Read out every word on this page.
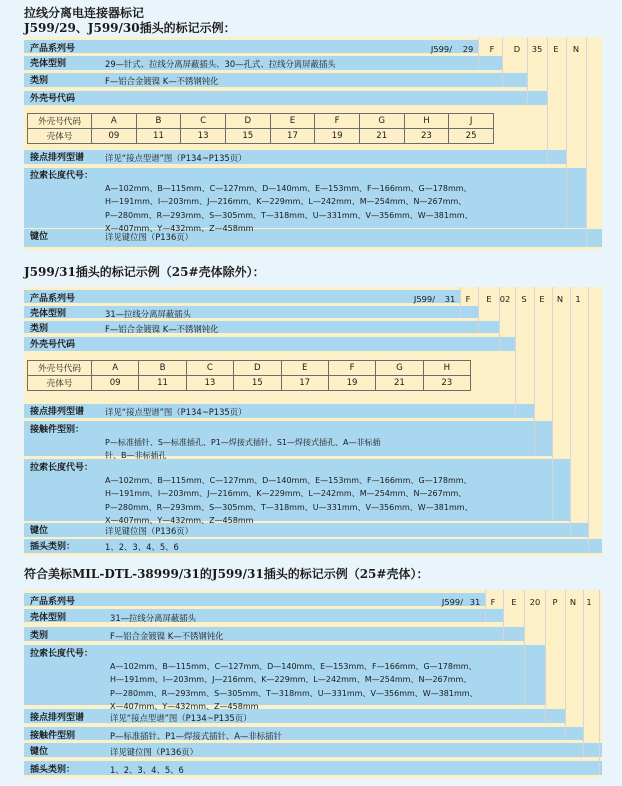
拉线分离电连接器标记
J599/29、J599/30插头的标记示例：
产品系列号
壳体型别	29—针式、拉线分离屏蔽插头、30—孔式、拉线分离屏蔽插头
类别	F—铝合金镀镍 K—不锈钢钝化
外壳号代码
接点排列型谱 详见“接点型谱”图（P134~P135页）
拉索长度代号：
A—102mm、B—115mm、C—127mm、D—140mm、E—153mm、F—166mm、G—178mm、
H—191mm、I—203mm、J—216mm、K—229mm、L—242mm、M—254mm、N—267mm、
P—280mm、R—293mm、S—305mm、T—318mm、U—331mm、V—356mm、W—381mm、
X—407mm、Y—432mm、Z—458mm
键位	详见键位图（P136页）
J599/	29	F	D	35	E	N
外壳号代码	A	B	C	D	E	F	G	H	J
壳体号	09	11	13	15	17	19	21	23	25
J599/31插头的标记示例（25#壳体除外）：
产品系列号
壳体型别	31—拉线分离屏蔽插头
类别	F—铝合金镀镍 K—不锈钢钝化
外壳号代码
接点排列型谱 详见“接点型谱”图（P134~P135页）
接触件型别：
P—标准插针、S—标准插孔、P1—焊接式插针、S1—焊接式插孔、A—非标插
针、B—非标插孔
拉索长度代号：
A—102mm、B—115mm、C—127mm、D—140mm、E—153mm、F—166mm、G—178mm、
H—191mm、I—203mm、J—216mm、K—229mm、L—242mm、M—254mm、N—267mm、
P—280mm、R—293mm、S—305mm、T—318mm、U—331mm、V—356mm、W—381mm、
X—407mm、Y—432mm、Z—458mm
键位	详见键位图（P136页）
插头类别：	1、2、3、4、5、6
J599/	31	F	E 02	S	E	N	1
外壳号代码	A	B	C	D	E	F	G	H
壳体号	09	11	13	15	17	19	21	23
符合美标MIL-DTL-38999/31的J599/31插头的标记示例（25#壳体）：
产品系列号
壳体型别	31—拉线分离屏蔽插头
类别	F—铝合金镀镍 K—不锈钢钝化
拉索长度代号：
A—102mm、B—115mm、C—127mm、D—140mm、E—153mm、F—166mm、G—178mm、
H—191mm、I—203mm、J—216mm、K—229mm、L—242mm、M—254mm、N—267mm、
P—280mm、R—293mm、S—305mm、T—318mm、U—331mm、V—356mm、W—381mm、
X—407mm、Y—432mm、Z—458mm
接点排列型谱	详见“接点型谱”图（P134~P135页）
接触件型别	P—标准插针、P1—焊接式插针、A—非标插针
键位	详见键位图（P136页）
插头类别：	1、2、3、4、5、6
J599/ 31	F	E	20	P	N	1
